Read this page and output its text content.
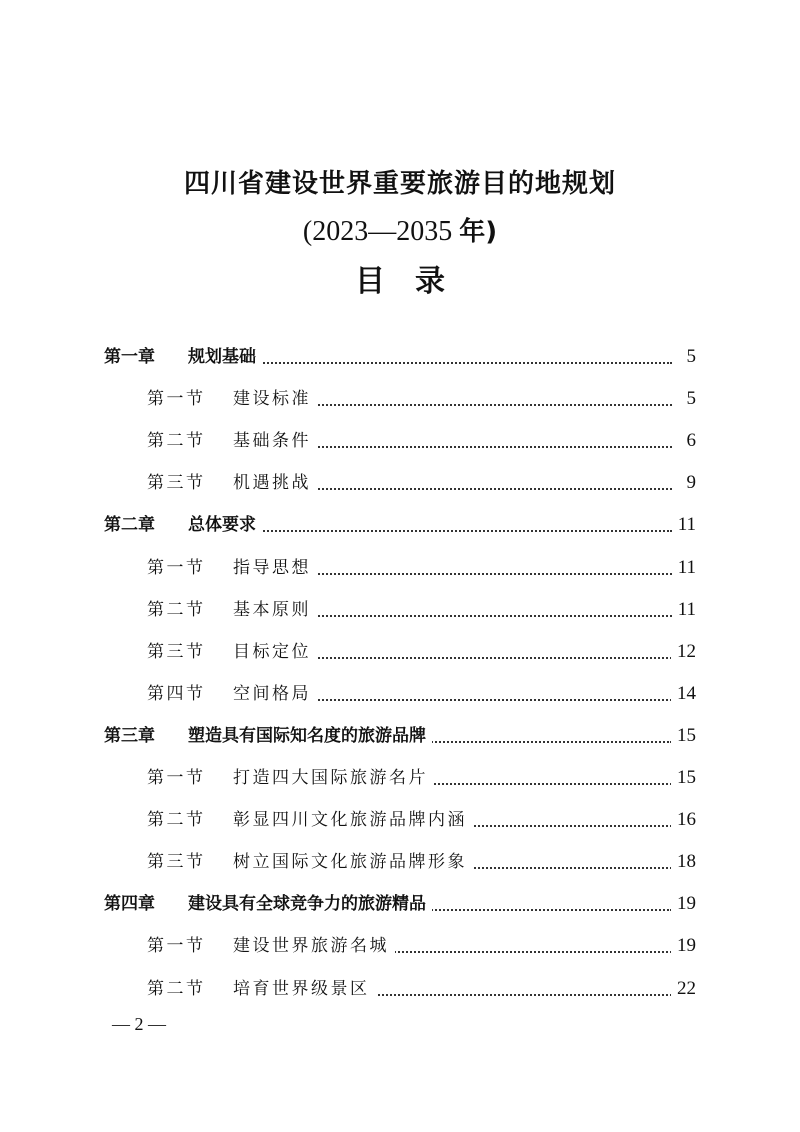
四川省建设世界重要旅游目的地规划
(2023—2035 年)
目录
第一章 规划基础	5
第一节 建设标准	5
第二节 基础条件	6
第三节 机遇挑战	9
第二章 总体要求	11
第一节 指导思想	11
第二节 基本原则	11
第三节 目标定位	12
第四节 空间格局	14
第三章 塑造具有国际知名度的旅游品牌	15
第一节 打造四大国际旅游名片	15
第二节 彰显四川文化旅游品牌内涵	16
第三节 树立国际文化旅游品牌形象	18
第四章 建设具有全球竞争力的旅游精品	19
第一节 建设世界旅游名城	19
第二节 培育世界级景区	22
— 2 —
